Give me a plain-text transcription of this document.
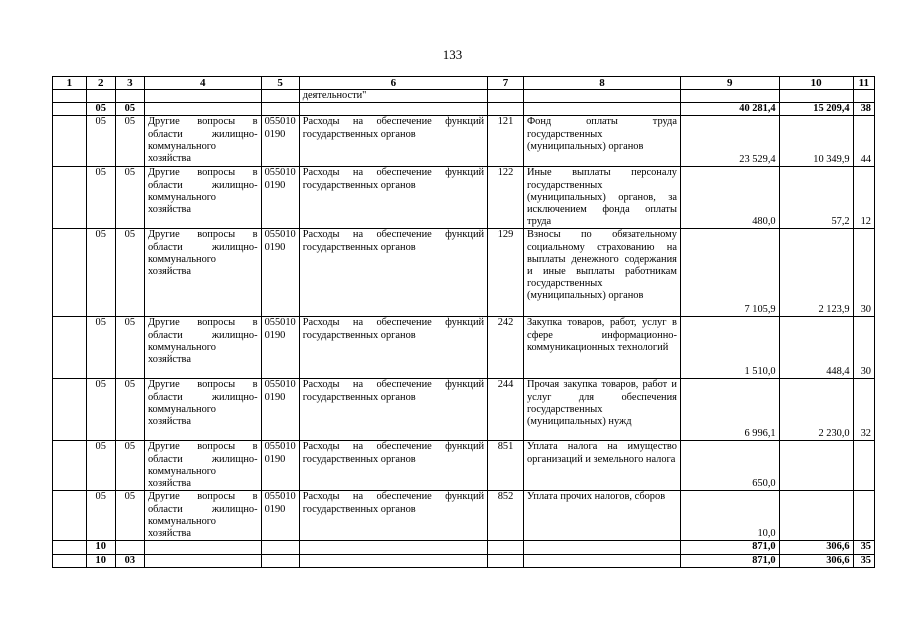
133
1	2	3	4	5	6	7	8	9	10	11
					деятельности"					
	05	05						40 281,4	15 209,4	38
	05	05	Другие вопросы в области жилищно-коммунального хозяйства	055010 0190	Расходы на обеспечение функций государственных органов	121	Фонд оплаты труда государственных (муниципальных) органов	23 529,4	10 349,9	44
	05	05	Другие вопросы в области жилищно-коммунального хозяйства	055010 0190	Расходы на обеспечение функций государственных органов	122	Иные выплаты персоналу государственных (муниципальных) органов, за исключением фонда оплаты труда	480,0	57,2	12
	05	05	Другие вопросы в области жилищно-коммунального хозяйства	055010 0190	Расходы на обеспечение функций государственных органов	129	Взносы по обязательному социальному страхованию на выплаты денежного содержания и иные выплаты работникам государственных (муниципальных) органов	7 105,9	2 123,9	30
	05	05	Другие вопросы в области жилищно-коммунального хозяйства	055010 0190	Расходы на обеспечение функций государственных органов	242	Закупка товаров, работ, услуг в сфере информационно-коммуникационных технологий	1 510,0	448,4	30
	05	05	Другие вопросы в области жилищно-коммунального хозяйства	055010 0190	Расходы на обеспечение функций государственных органов	244	Прочая закупка товаров, работ и услуг для обеспечения государственных (муниципальных) нужд	6 996,1	2 230,0	32
	05	05	Другие вопросы в области жилищно-коммунального хозяйства	055010 0190	Расходы на обеспечение функций государственных органов	851	Уплата налога на имущество организаций и земельного налога	650,0		
	05	05	Другие вопросы в области жилищно-коммунального хозяйства	055010 0190	Расходы на обеспечение функций государственных органов	852	Уплата прочих налогов, сборов	10,0		
	10							871,0	306,6	35
	10	03						871,0	306,6	35
